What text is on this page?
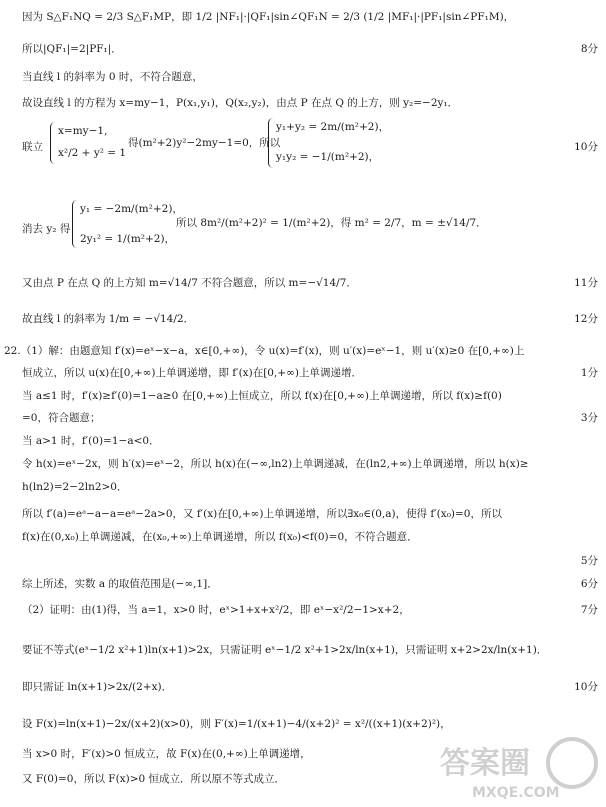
因为 S△F₁NQ = 2/3 S△F₁MP，即 1/2 |NF₁|·|QF₁|sin∠QF₁N = 2/3 (1/2 |MF₁|·|PF₁|sin∠PF₁M)，
所以|QF₁|=2|PF₁|．	8分
当直线 l 的斜率为 0 时，不符合题意，
故设直线 l 的方程为 x=my−1，P(x₁,y₁)，Q(x₂,y₂)，由点 P 在点 Q 的上方，则 y₂=−2y₁．
联立
x=my−1,
x²/2 + y² = 1
得(m²+2)y²−2my−1=0，所以
y₁+y₂ = 2m/(m²+2)，
y₁y₂ = −1/(m²+2)，
10分
消去 y₂ 得
y₁ = −2m/(m²+2)，
2y₁² = 1/(m²+2)，
所以 8m²/(m²+2)² = 1/(m²+2)，得 m² = 2/7，m = ±√14/7．
又由点 P 在点 Q 的上方知 m=√14/7 不符合题意，所以 m=−√14/7．	11分
故直线 l 的斜率为 1/m = −√14/2．	12分
22.（1）解：由题意知 f′(x)=eˣ−x−a，x∈[0,+∞)，令 u(x)=f′(x)，则 u′(x)=eˣ−1，则 u′(x)≥0 在[0,+∞)上
恒成立，所以 u(x)在[0,+∞)上单调递增，即 f′(x)在[0,+∞)上单调递增．	1分
当 a≤1 时，f′(x)≥f′(0)=1−a≥0 在[0,+∞)上恒成立，所以 f(x)在[0,+∞)上单调递增，所以 f(x)≥f(0)
=0，符合题意；	3分
当 a>1 时，f′(0)=1−a<0．
令 h(x)=eˣ−2x，则 h′(x)=eˣ−2，所以 h(x)在(−∞,ln2)上单调递减，在(ln2,+∞)上单调递增，所以 h(x)≥
h(ln2)=2−2ln2>0．
所以 f′(a)=eᵃ−a−a=eᵃ−2a>0，又 f′(x)在[0,+∞)上单调递增，所以∃x₀∈(0,a)，使得 f′(x₀)=0，所以
f(x)在(0,x₀)上单调递减，在(x₀,+∞)上单调递增，所以 f(x₀)<f(0)=0，不符合题意．
5分
综上所述，实数 a 的取值范围是(−∞,1]．	6分
（2）证明：由(1)得，当 a=1，x>0 时，eˣ>1+x+x²/2，即 eˣ−x²/2−1>x+2，	7分
要证不等式(eˣ−1/2 x²+1)ln(x+1)>2x，只需证明 eˣ−1/2 x²+1>2x/ln(x+1)，只需证明 x+2>2x/ln(x+1)．
即只需证 ln(x+1)>2x/(2+x)．	10分
设 F(x)=ln(x+1)−2x/(x+2)(x>0)，则 F′(x)=1/(x+1)−4/(x+2)² = x²/((x+1)(x+2)²)，
当 x>0 时，F′(x)>0 恒成立，故 F(x)在(0,+∞)上单调递增，
又 F(0)=0，所以 F(x)>0 恒成立．所以原不等式成立．	答案圈
MXQE.COM
